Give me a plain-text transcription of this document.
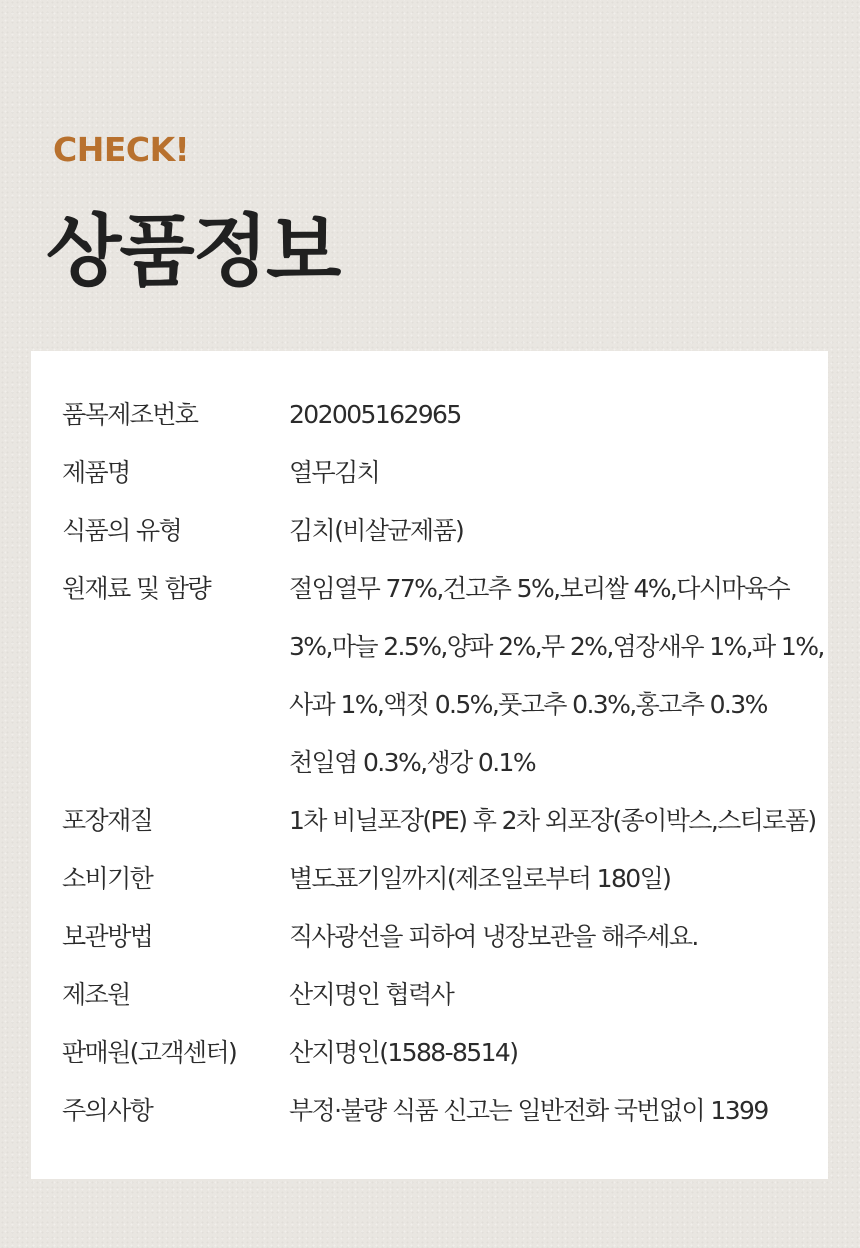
CHECK!
상품정보
품목제조번호	202005162965
제품명	열무김치
식품의 유형	김치(비살균제품)
원재료 및 함량	절임열무 77%,건고추 5%,보리쌀 4%,다시마육수
3%,마늘 2.5%,양파 2%,무 2%,염장새우 1%,파 1%,
사과 1%,액젓 0.5%,풋고추 0.3%,홍고추 0.3%
천일염 0.3%,생강 0.1%
포장재질	1차 비닐포장(PE) 후 2차 외포장(종이박스,스티로폼)
소비기한	별도표기일까지(제조일로부터 180일)
보관방법	직사광선을 피하여 냉장보관을 해주세요.
제조원	산지명인 협력사
판매원(고객센터)	산지명인(1588-8514)
주의사항	부정·불량 식품 신고는 일반전화 국번없이 1399
